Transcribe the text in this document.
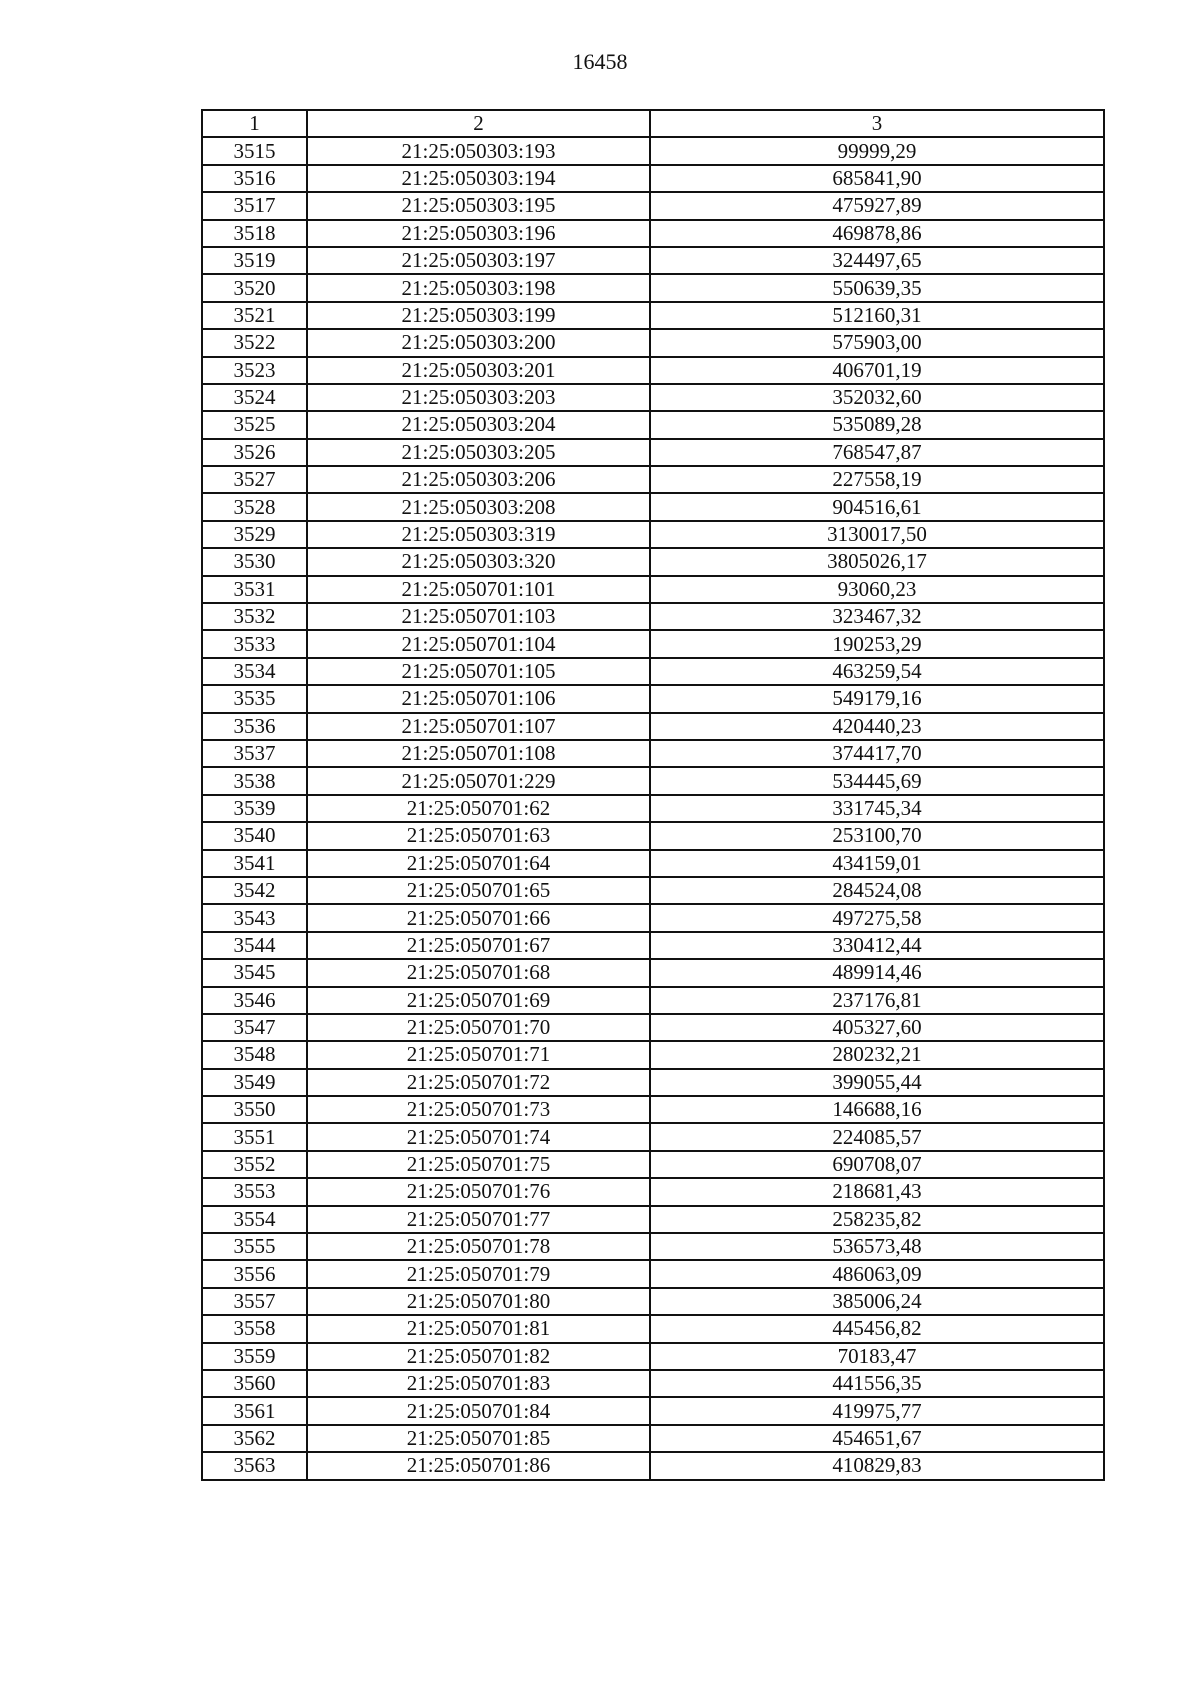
16458
1	2	3
3515	21:25:050303:193	99999,29
3516	21:25:050303:194	685841,90
3517	21:25:050303:195	475927,89
3518	21:25:050303:196	469878,86
3519	21:25:050303:197	324497,65
3520	21:25:050303:198	550639,35
3521	21:25:050303:199	512160,31
3522	21:25:050303:200	575903,00
3523	21:25:050303:201	406701,19
3524	21:25:050303:203	352032,60
3525	21:25:050303:204	535089,28
3526	21:25:050303:205	768547,87
3527	21:25:050303:206	227558,19
3528	21:25:050303:208	904516,61
3529	21:25:050303:319	3130017,50
3530	21:25:050303:320	3805026,17
3531	21:25:050701:101	93060,23
3532	21:25:050701:103	323467,32
3533	21:25:050701:104	190253,29
3534	21:25:050701:105	463259,54
3535	21:25:050701:106	549179,16
3536	21:25:050701:107	420440,23
3537	21:25:050701:108	374417,70
3538	21:25:050701:229	534445,69
3539	21:25:050701:62	331745,34
3540	21:25:050701:63	253100,70
3541	21:25:050701:64	434159,01
3542	21:25:050701:65	284524,08
3543	21:25:050701:66	497275,58
3544	21:25:050701:67	330412,44
3545	21:25:050701:68	489914,46
3546	21:25:050701:69	237176,81
3547	21:25:050701:70	405327,60
3548	21:25:050701:71	280232,21
3549	21:25:050701:72	399055,44
3550	21:25:050701:73	146688,16
3551	21:25:050701:74	224085,57
3552	21:25:050701:75	690708,07
3553	21:25:050701:76	218681,43
3554	21:25:050701:77	258235,82
3555	21:25:050701:78	536573,48
3556	21:25:050701:79	486063,09
3557	21:25:050701:80	385006,24
3558	21:25:050701:81	445456,82
3559	21:25:050701:82	70183,47
3560	21:25:050701:83	441556,35
3561	21:25:050701:84	419975,77
3562	21:25:050701:85	454651,67
3563	21:25:050701:86	410829,83
